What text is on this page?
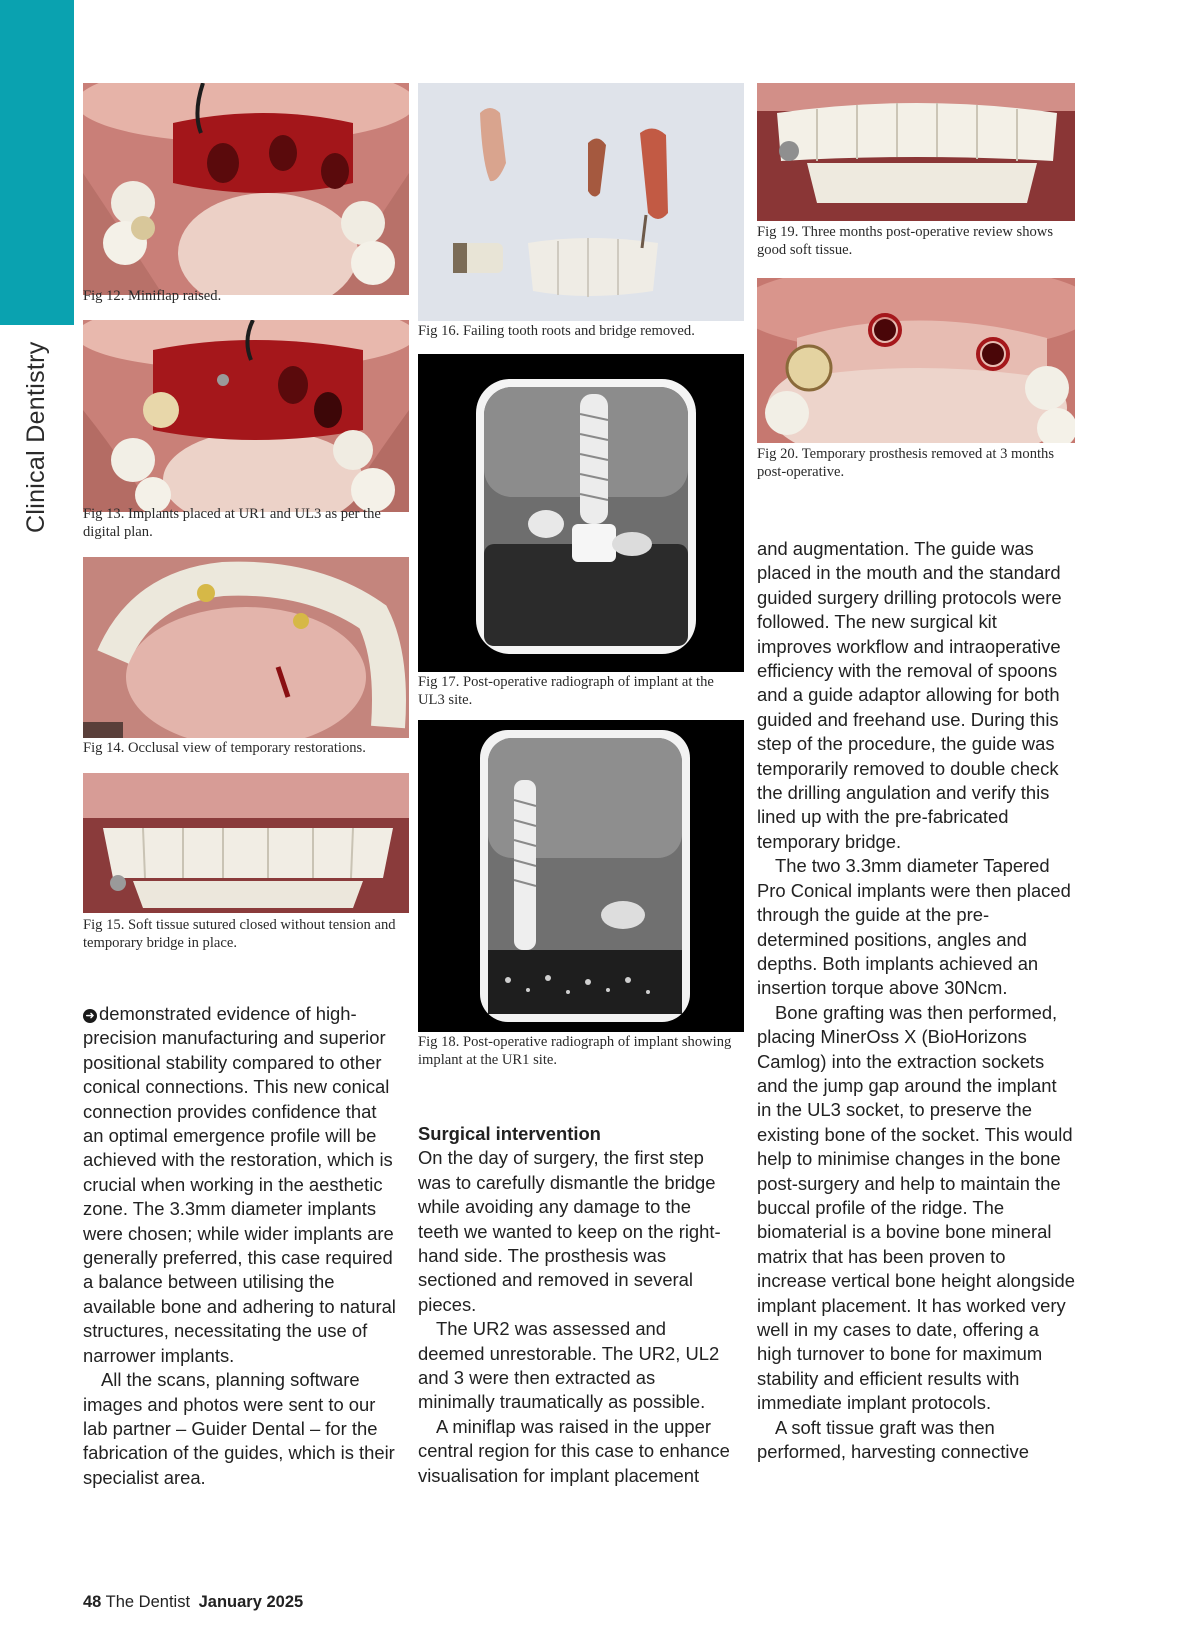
Clinical Dentistry
Fig 12. Miniflap raised.
Fig 13. Implants placed at UR1 and UL3 as per the digital plan.
Fig 14. Occlusal view of temporary restorations.
Fig 15. Soft tissue sutured closed without tension and temporary bridge in place.
Fig 16. Failing tooth roots and bridge removed.
Fig 17. Post-operative radiograph of implant at the UL3 site.
Fig 18. Post-operative radiograph of implant showing implant at the UR1 site.
Fig 19. Three months post-operative review shows good soft tissue.
Fig 20. Temporary prosthesis removed at 3 months post-operative.

➜ demonstrated evidence of high-precision manufacturing and superior positional stability compared to other conical connections. This new conical connection provides confidence that an optimal emergence profile will be achieved with the restoration, which is crucial when working in the aesthetic zone. The 3.3mm diameter implants were chosen; while wider implants are generally preferred, this case required a balance between utilising the available bone and adhering to natural structures, necessitating the use of narrower implants.

All the scans, planning software images and photos were sent to our lab partner – Guider Dental – for the fabrication of the guides, which is their specialist area.

Surgical intervention

On the day of surgery, the first step was to carefully dismantle the bridge while avoiding any damage to the teeth we wanted to keep on the right-hand side. The prosthesis was sectioned and removed in several pieces.

The UR2 was assessed and deemed unrestorable. The UR2, UL2 and 3 were then extracted as minimally traumatically as possible.

A miniflap was raised in the upper central region for this case to enhance visualisation for implant placement

and augmentation. The guide was placed in the mouth and the standard guided surgery drilling protocols were followed. The new surgical kit improves workflow and intraoperative efficiency with the removal of spoons and a guide adaptor allowing for both guided and freehand use. During this step of the procedure, the guide was temporarily removed to double check the drilling angulation and verify this lined up with the pre-fabricated temporary bridge.

The two 3.3mm diameter Tapered Pro Conical implants were then placed through the guide at the pre-determined positions, angles and depths. Both implants achieved an insertion torque above 30Ncm.

Bone grafting was then performed, placing MinerOss X (BioHorizons Camlog) into the extraction sockets and the jump gap around the implant in the UL3 socket, to preserve the existing bone of the socket. This would help to minimise changes in the bone post-surgery and help to maintain the buccal profile of the ridge. The biomaterial is a bovine bone mineral matrix that has been proven to increase vertical bone height alongside implant placement. It has worked very well in my cases to date, offering a high turnover to bone for maximum stability and efficient results with immediate implant protocols.

A soft tissue graft was then performed, harvesting connective

48 The Dentist January 2025
